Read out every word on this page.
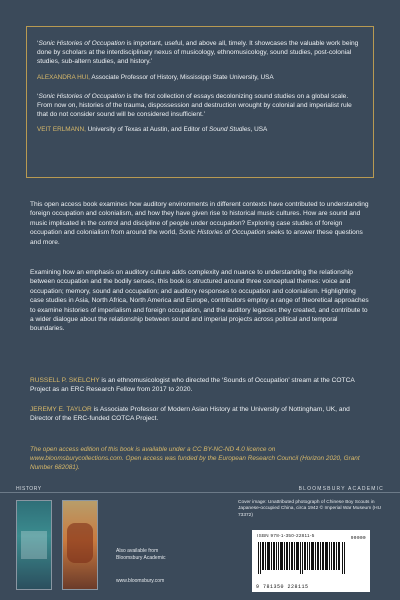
‘Sonic Histories of Occupation is important, useful, and above all, timely. It showcases the valuable work being done by scholars at the interdisciplinary nexus of musicology, ethnomusicology, sound studies, post-colonial studies, sub-altern studies, and history.’

ALEXANDRA HUI, Associate Professor of History, Mississippi State University, USA

‘Sonic Histories of Occupation is the first collection of essays decolonizing sound studies on a global scale. From now on, histories of the trauma, dispossession and destruction wrought by colonial and imperialist rule that do not consider sound will be considered insufficient.’

VEIT ERLMANN, University of Texas at Austin, and Editor of Sound Studies, USA

This open access book examines how auditory environments in different contexts have contributed to understanding foreign occupation and colonialism, and how they have given rise to historical music cultures. How are sound and music implicated in the control and discipline of people under occupation? Exploring case studies of foreign occupation and colonialism from around the world, Sonic Histories of Occupation seeks to answer these questions and more.

Examining how an emphasis on auditory culture adds complexity and nuance to understanding the relationship between occupation and the bodily senses, this book is structured around three conceptual themes: voice and occupation; memory, sound and occupation; and auditory responses to occupation and colonialism. Highlighting case studies in Asia, North Africa, North America and Europe, contributors employ a range of theoretical approaches to examine histories of imperialism and foreign occupation, and the auditory legacies they created, and contribute to a wider dialogue about the relationship between sound and imperial projects across political and temporal boundaries.

RUSSELL P. SKELCHY is an ethnomusicologist who directed the ‘Sounds of Occupation’ stream at the COTCA Project as an ERC Research Fellow from 2017 to 2020.

JEREMY E. TAYLOR is Associate Professor of Modern Asian History at the University of Nottingham, UK, and Director of the ERC-funded COTCA Project.

The open access edition of this book is available under a CC BY-NC-ND 4.0 licence on www.bloomsburycollections.com. Open access was funded by the European Research Council (Horizon 2020, Grant Number 682081).

HISTORY	BLOOMSBURY ACADEMIC
Also available from
Bloomsbury Academic
www.bloomsbury.com
Cover image: Unattributed photograph of Chinese Boy Scouts in Japanese-occupied China, circa 1942 © Imperial War Museum (HU 73372)
ISBN 978-1-350-22811-5
9 781350 228115
90000
